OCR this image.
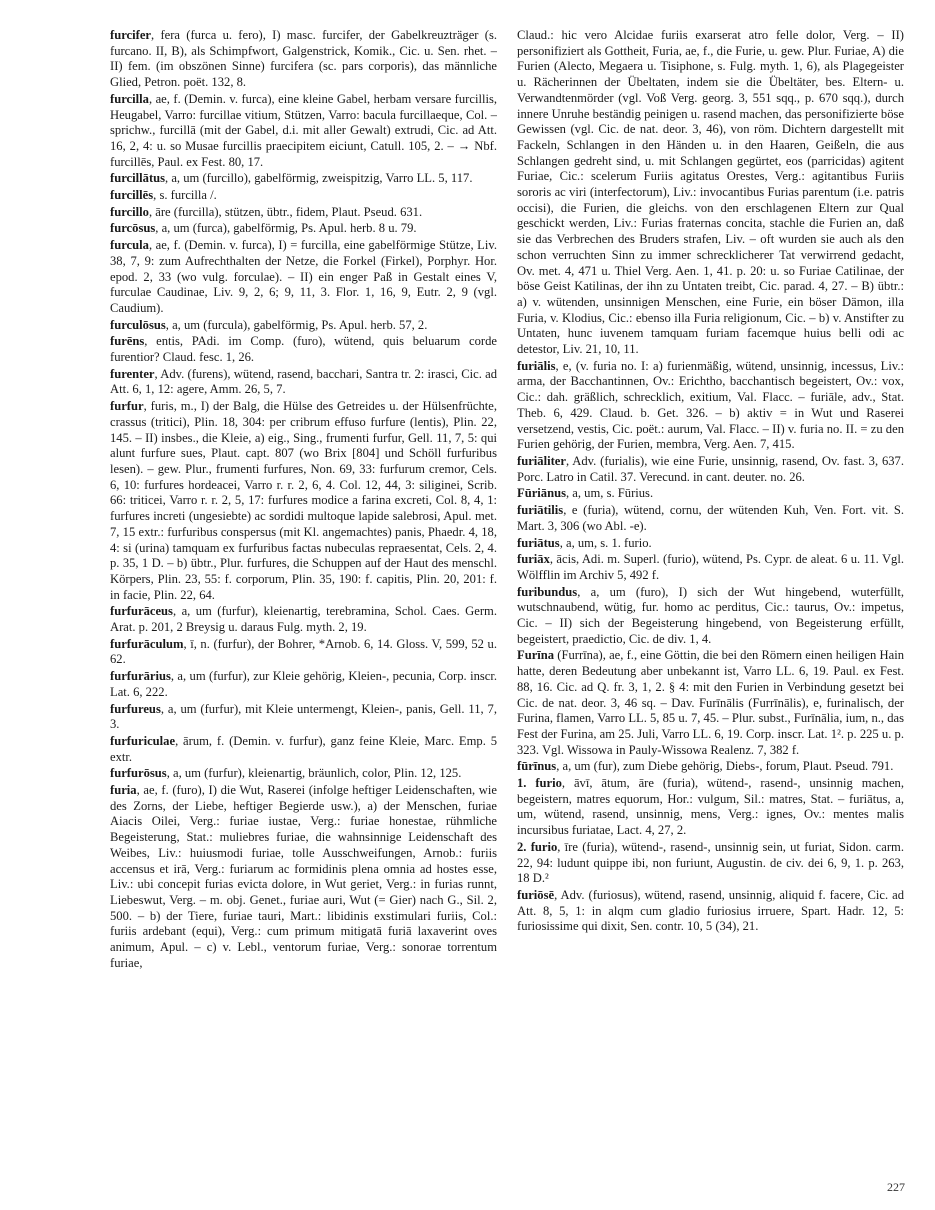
furcifer, fera (furca u. fero), I) masc. furcifer, der Gabelkreuzträger (s. furcano. II, B), als Schimpfwort, Galgenstrick, Komik., Cic. u. Sen. rhet. – II) fem. (im obszönen Sinne) furcifera (sc. pars corporis), das männliche Glied, Petron. poët. 132, 8.
furcilla, ae, f. (Demin. v. furca), eine kleine Gabel, herbam versare furcillis, Heugabel, Varro: furcillae vitium, Stützen, Varro: bacula furcillaeque, Col. – sprichw., furcillā (mit der Gabel, d.i. mit aller Gewalt) extrudi, Cic. ad Att. 16, 2, 4: u. so Musae furcillis praecipitem eiciunt, Catull. 105, 2. – → Nbf. furcillēs, Paul. ex Fest. 80, 17.
furcillātus, a, um (furcillo), gabelförmig, zweispitzig, Varro LL. 5, 117.
furcillēs, s. furcilla /.
furcillo, āre (furcilla), stützen, übtr., fidem, Plaut. Pseud. 631.
furcōsus, a, um (furca), gabelförmig, Ps. Apul. herb. 8 u. 79.
furcula, ae, f. (Demin. v. furca), I) = furcilla, eine gabelförmige Stütze, Liv. 38, 7, 9: zum Aufrechthalten der Netze, die Forkel (Firkel), Porphyr. Hor. epod. 2, 33 (wo vulg. forculae). – II) ein enger Paß in Gestalt eines V, furculae Caudinae, Liv. 9, 2, 6; 9, 11, 3. Flor. 1, 16, 9, Eutr. 2, 9 (vgl. Caudium).
furculōsus, a, um (furcula), gabelförmig, Ps. Apul. herb. 57, 2.
furēns, entis, PAdi. im Comp. (furo), wütend, quis beluarum corde furentior? Claud. fesc. 1, 26.
furenter, Adv. (furens), wütend, rasend, bacchari, Santra tr. 2: irasci, Cic. ad Att. 6, 1, 12: agere, Amm. 26, 5, 7.
furfur, furis, m., I) der Balg, die Hülse des Getreides u. der Hülsenfrüchte, crassus (tritici), Plin. 18, 304: per cribrum effuso furfure (lentis), Plin. 22, 145. – II) insbes., die Kleie, a) eig., Sing., frumenti furfur, Gell. 11, 7, 5: qui alunt furfure sues, Plaut. capt. 807 (wo Brix [804] und Schöll furfuribus lesen). – gew. Plur., frumenti furfures, Non. 69, 33: furfurum cremor, Cels. 6, 10: furfures hordeacei, Varro r. r. 2, 6, 4. Col. 12, 44, 3: siliginei, Scrib. 66: triticei, Varro r. r. 2, 5, 17: furfures modice a farina excreti, Col. 8, 4, 1: furfures increti (ungesiebte) ac sordidi multoque lapide salebrosi, Apul. met. 7, 15 extr.: furfuribus conspersus (mit Kl. angemachtes) panis, Phaedr. 4, 18, 4: si (urina) tamquam ex furfuribus factas nubeculas repraesentat, Cels. 2, 4. p. 35, 1 D. – b) übtr., Plur. furfures, die Schuppen auf der Haut des menschl. Körpers, Plin. 23, 55: f. corporum, Plin. 35, 190: f. capitis, Plin. 20, 201: f. in facie, Plin. 22, 64.
furfurāceus, a, um (furfur), kleienartig, terebramina, Schol. Caes. Germ. Arat. p. 201, 2 Breysig u. daraus Fulg. myth. 2, 19.
furfurāculum, ī, n. (furfur), der Bohrer, *Arnob. 6, 14. Gloss. V, 599, 52 u. 62.
furfurārius, a, um (furfur), zur Kleie gehörig, Kleien-, pecunia, Corp. inscr. Lat. 6, 222.
furfureus, a, um (furfur), mit Kleie untermengt, Kleien-, panis, Gell. 11, 7, 3.
furfuriculae, ārum, f. (Demin. v. furfur), ganz feine Kleie, Marc. Emp. 5 extr.
furfurōsus, a, um (furfur), kleienartig, bräunlich, color, Plin. 12, 125.
furia, ae, f. (furo), I) die Wut, Raserei (infolge heftiger Leidenschaften, wie des Zorns, der Liebe, heftiger Begierde usw.), a) der Menschen, furiae Aiacis Oilei, Verg.: furiae iustae, Verg.: furiae honestae, rühmliche Begeisterung, Stat.: muliebres furiae, die wahnsinnige Leidenschaft des Weibes, Liv.: huiusmodi furiae, tolle Ausschweifungen, Arnob.: furiis accensus et irā, Verg.: furiarum ac formidinis plena omnia ad hostes esse, Liv.: ubi concepit furias evicta dolore, in Wut geriet, Verg.: in furias runnt, Liebeswut, Verg. – m. obj. Genet., furiae auri, Wut (= Gier) nach G., Sil. 2, 500. – b) der Tiere, furiae tauri, Mart.: libidinis exstimulari furiis, Col.: furiis ardebant (equi), Verg.: cum primum mitigatā furiā laxaverint oves animum, Apul. – c) v. Lebl., ventorum furiae, Verg.: sonorae torrentum furiae,
Claud.: hic vero Alcidae furiis exarserat atro felle dolor, Verg. – II) personifiziert als Gottheit, Furia, ae, f., die Furie, u. gew. Plur. Furiae, A) die Furien (Alecto, Megaera u. Tisiphone, s. Fulg. myth. 1, 6), als Plagegeister u. Rächerinnen der Übeltaten, indem sie die Übeltäter, bes. Eltern- u. Verwandtenmörder (vgl. Voß Verg. georg. 3, 551 sqq., p. 670 sqq.), durch innere Unruhe beständig peinigen u. rasend machen, das personifizierte böse Gewissen (vgl. Cic. de nat. deor. 3, 46), von röm. Dichtern dargestellt mit Fackeln, Schlangen in den Händen u. in den Haaren, Geißeln, die aus Schlangen gedreht sind, u. mit Schlangen gegürtet, eos (parricidas) agitent Furiae, Cic.: scelerum Furiis agitatus Orestes, Verg.: agitantibus Furiis sororis ac viri (interfectorum), Liv.: invocantibus Furias parentum (i.e. patris occisi), die Furien, die gleichs. von den erschlagenen Eltern zur Qual geschickt werden, Liv.: Furias fraternas concita, stachle die Furien an, daß sie das Verbrechen des Bruders strafen, Liv. – oft wurden sie auch als den schon verruchten Sinn zu immer schrecklicherer Tat verwirrend gedacht, Ov. met. 4, 471 u. Thiel Verg. Aen. 1, 41. p. 20: u. so Furiae Catilinae, der böse Geist Katilinas, der ihn zu Untaten treibt, Cic. parad. 4, 27. – B) übtr.: a) v. wütenden, unsinnigen Menschen, eine Furie, ein böser Dämon, illa Furia, v. Klodius, Cic.: ebenso illa Furia religionum, Cic. – b) v. Anstifter zu Untaten, hunc iuvenem tamquam furiam facemque huius belli odi ac detestor, Liv. 21, 10, 11.
furiālis, e, (v. furia no. I: a) furienmäßig, wütend, unsinnig, incessus, Liv.: arma, der Bacchantinnen, Ov.: Erichtho, bacchantisch begeistert, Ov.: vox, Cic.: dah. gräßlich, schrecklich, exitium, Val. Flacc. – furiāle, adv., Stat. Theb. 6, 429. Claud. b. Get. 326. – b) aktiv = in Wut und Raserei versetzend, vestis, Cic. poët.: aurum, Val. Flacc. – II) v. furia no. II. = zu den Furien gehörig, der Furien, membra, Verg. Aen. 7, 415.
furiāliter, Adv. (furialis), wie eine Furie, unsinnig, rasend, Ov. fast. 3, 637. Porc. Latro in Catil. 37. Verecund. in cant. deuter. no. 26.
Fūriānus, a, um, s. Fūrius.
furiātilis, e (furia), wütend, cornu, der wütenden Kuh, Ven. Fort. vit. S. Mart. 3, 306 (wo Abl. -e).
furiātus, a, um, s. 1. furio.
furiāx, ācis, Adi. m. Superl. (furio), wütend, Ps. Cypr. de aleat. 6 u. 11. Vgl. Wölfflin im Archiv 5, 492 f.
furibundus, a, um (furo), I) sich der Wut hingebend, wuterfüllt, wutschnaubend, wütig, fur. homo ac perditus, Cic.: taurus, Ov.: impetus, Cic. – II) sich der Begeisterung hingebend, von Begeisterung erfüllt, begeistert, praedictio, Cic. de div. 1, 4.
Furīna (Furrīna), ae, f., eine Göttin, die bei den Römern einen heiligen Hain hatte, deren Bedeutung aber unbekannt ist, Varro LL. 6, 19. Paul. ex Fest. 88, 16. Cic. ad Q. fr. 3, 1, 2. § 4: mit den Furien in Verbindung gesetzt bei Cic. de nat. deor. 3, 46 sq. – Dav. Furīnālis (Furrīnālis), e, furinalisch, der Furina, flamen, Varro LL. 5, 85 u. 7, 45. – Plur. subst., Furīnālia, ium, n., das Fest der Furina, am 25. Juli, Varro LL. 6, 19. Corp. inscr. Lat. 1². p. 225 u. p. 323. Vgl. Wissowa in Pauly-Wissowa Realenz. 7, 382 f.
fūrīnus, a, um (fur), zum Diebe gehörig, Diebs-, forum, Plaut. Pseud. 791.
1. furio, āvī, ātum, āre (furia), wütend-, rasend-, unsinnig machen, begeistern, matres equorum, Hor.: vulgum, Sil.: matres, Stat. – furiātus, a, um, wütend, rasend, unsinnig, mens, Verg.: ignes, Ov.: mentes malis incursibus furiatae, Lact. 4, 27, 2.
2. furio, īre (furia), wütend-, rasend-, unsinnig sein, ut furiat, Sidon. carm. 22, 94: ludunt quippe ibi, non furiunt, Augustin. de civ. dei 6, 9, 1. p. 263, 18 D.²
furiōsē, Adv. (furiosus), wütend, rasend, unsinnig, aliquid f. facere, Cic. ad Att. 8, 5, 1: in alqm cum gladio furiosius irruere, Spart. Hadr. 12, 5: furiosissime qui dixit, Sen. contr. 10, 5 (34), 21.
227
